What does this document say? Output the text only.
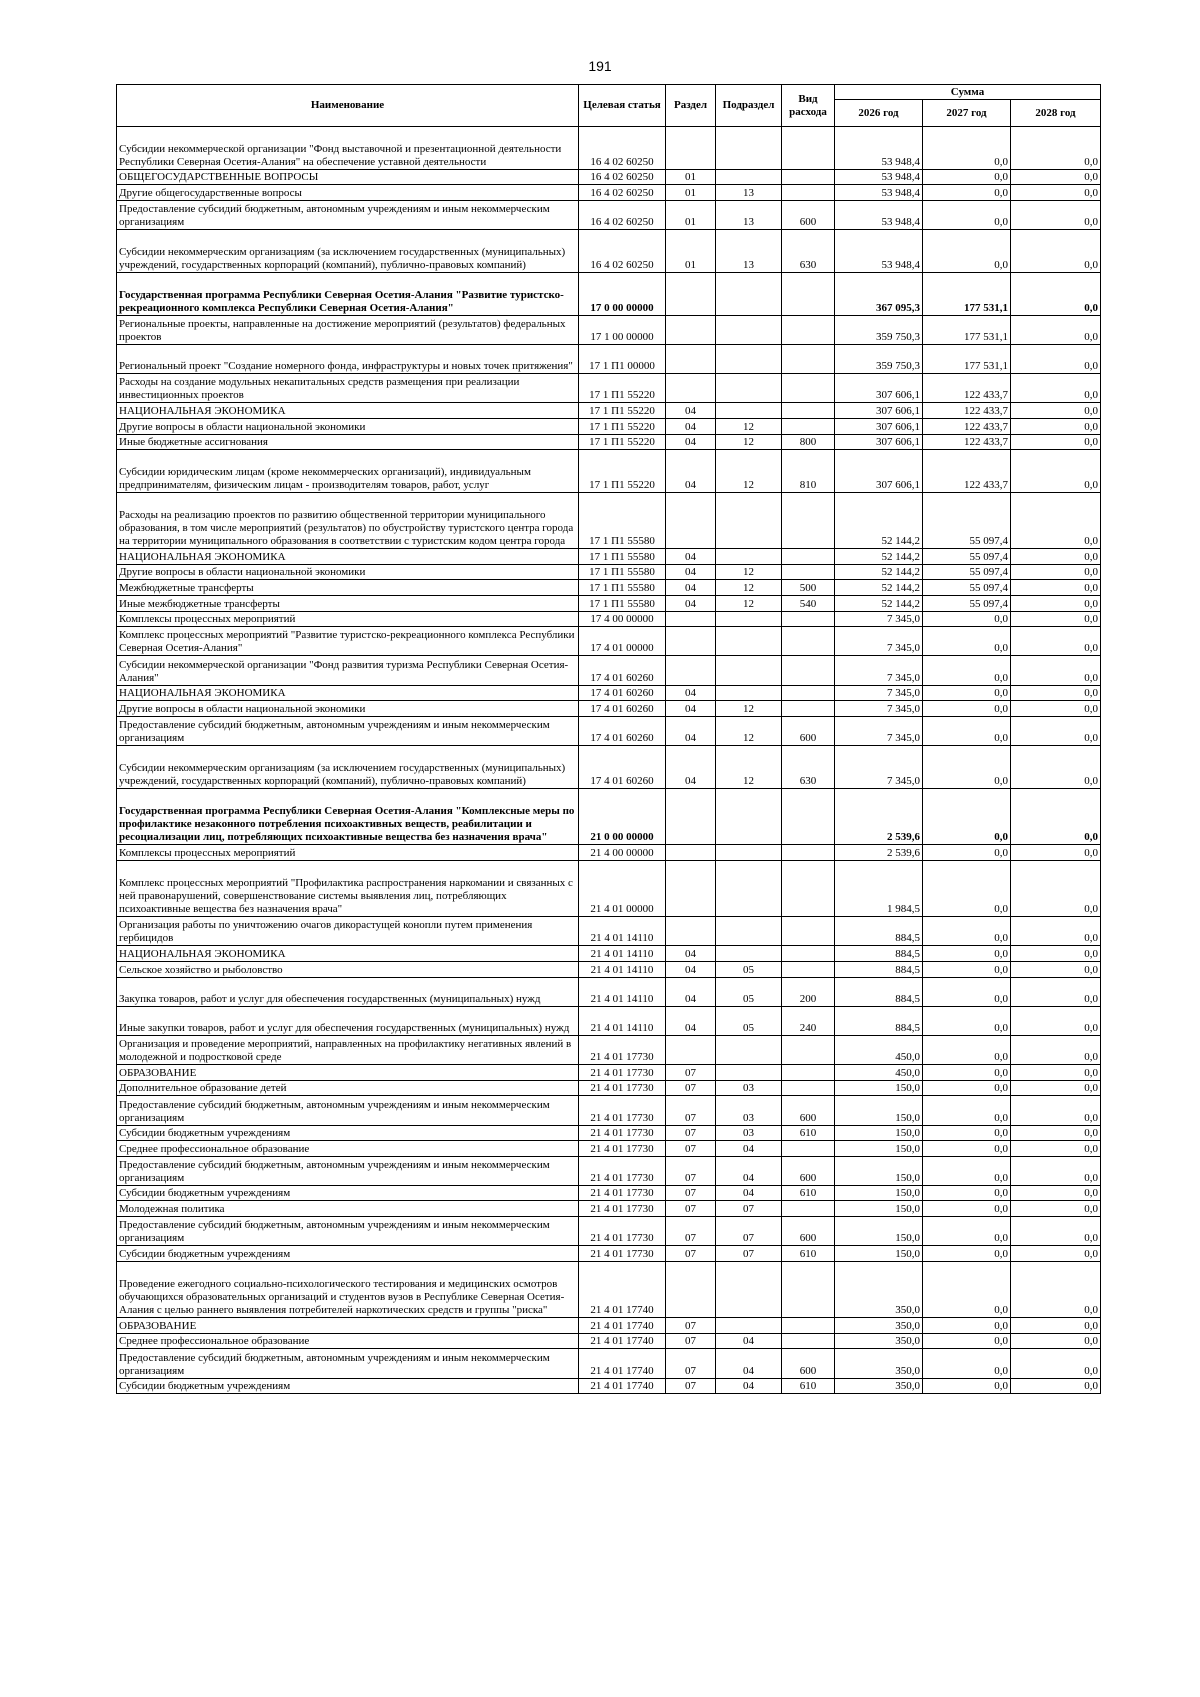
191
Наименование	Целевая статья	Раздел	Подраздел	Вид расхода	Сумма		
					2026 год	2027 год	2028 год
Субсидии некоммерческой организации "Фонд выставочной и презентационной деятельности Республики Северная Осетия-Алания" на обеспечение уставной деятельности	16 4 02 60250				53 948,4	0,0	0,0
ОБЩЕГОСУДАРСТВЕННЫЕ ВОПРОСЫ	16 4 02 60250	01			53 948,4	0,0	0,0
Другие общегосударственные вопросы	16 4 02 60250	01	13		53 948,4	0,0	0,0
Предоставление субсидий бюджетным, автономным учреждениям и иным некоммерческим организациям	16 4 02 60250	01	13	600	53 948,4	0,0	0,0
Субсидии некоммерческим организациям (за исключением государственных (муниципальных) учреждений, государственных корпораций (компаний), публично-правовых компаний)	16 4 02 60250	01	13	630	53 948,4	0,0	0,0
Государственная программа Республики Северная Осетия-Алания "Развитие туристско-рекреационного комплекса Республики Северная Осетия-Алания"	17 0 00 00000				367 095,3	177 531,1	0,0
Региональные проекты, направленные на достижение мероприятий (результатов) федеральных проектов	17 1 00 00000				359 750,3	177 531,1	0,0
Региональный проект "Создание номерного фонда, инфраструктуры и новых точек притяжения"	17 1 П1 00000				359 750,3	177 531,1	0,0
Расходы на создание модульных некапитальных средств размещения при реализации инвестиционных проектов	17 1 П1 55220				307 606,1	122 433,7	0,0
НАЦИОНАЛЬНАЯ ЭКОНОМИКА	17 1 П1 55220	04			307 606,1	122 433,7	0,0
Другие вопросы в области национальной экономики	17 1 П1 55220	04	12		307 606,1	122 433,7	0,0
Иные бюджетные ассигнования	17 1 П1 55220	04	12	800	307 606,1	122 433,7	0,0
Субсидии юридическим лицам (кроме некоммерческих организаций), индивидуальным предпринимателям, физическим лицам - производителям товаров, работ, услуг	17 1 П1 55220	04	12	810	307 606,1	122 433,7	0,0
Расходы на реализацию проектов по развитию общественной территории муниципального образования, в том числе мероприятий (результатов) по обустройству туристского центра города на территории муниципального образования в соответствии с туристским кодом центра города	17 1 П1 55580				52 144,2	55 097,4	0,0
НАЦИОНАЛЬНАЯ ЭКОНОМИКА	17 1 П1 55580	04			52 144,2	55 097,4	0,0
Другие вопросы в области национальной экономики	17 1 П1 55580	04	12		52 144,2	55 097,4	0,0
Межбюджетные трансферты	17 1 П1 55580	04	12	500	52 144,2	55 097,4	0,0
Иные межбюджетные трансферты	17 1 П1 55580	04	12	540	52 144,2	55 097,4	0,0
Комплексы процессных мероприятий	17 4 00 00000				7 345,0	0,0	0,0
Комплекс процессных мероприятий "Развитие туристско-рекреационного комплекса Республики Северная Осетия-Алания"	17 4 01 00000				7 345,0	0,0	0,0
Субсидии некоммерческой организации "Фонд развития туризма Республики Северная Осетия-Алания"	17 4 01 60260				7 345,0	0,0	0,0
НАЦИОНАЛЬНАЯ ЭКОНОМИКА	17 4 01 60260	04			7 345,0	0,0	0,0
Другие вопросы в области национальной экономики	17 4 01 60260	04	12		7 345,0	0,0	0,0
Предоставление субсидий бюджетным, автономным учреждениям и иным некоммерческим организациям	17 4 01 60260	04	12	600	7 345,0	0,0	0,0
Субсидии некоммерческим организациям (за исключением государственных (муниципальных) учреждений, государственных корпораций (компаний), публично-правовых компаний)	17 4 01 60260	04	12	630	7 345,0	0,0	0,0
Государственная программа Республики Северная Осетия-Алания "Комплексные меры по профилактике незаконного потребления психоактивных веществ, реабилитации и ресоциализации лиц, потребляющих психоактивные вещества без назначения врача"	21 0 00 00000				2 539,6	0,0	0,0
Комплексы процессных мероприятий	21 4 00 00000				2 539,6	0,0	0,0
Комплекс процессных мероприятий "Профилактика распространения наркомании и связанных с ней правонарушений, совершенствование системы выявления лиц, потребляющих психоактивные вещества без назначения врача"	21 4 01 00000				1 984,5	0,0	0,0
Организация работы по уничтожению очагов дикорастущей конопли путем применения гербицидов	21 4 01 14110				884,5	0,0	0,0
НАЦИОНАЛЬНАЯ ЭКОНОМИКА	21 4 01 14110	04			884,5	0,0	0,0
Сельское хозяйство и рыболовство	21 4 01 14110	04	05		884,5	0,0	0,0
Закупка товаров, работ и услуг для обеспечения государственных (муниципальных) нужд	21 4 01 14110	04	05	200	884,5	0,0	0,0
Иные закупки товаров, работ и услуг для обеспечения государственных (муниципальных) нужд	21 4 01 14110	04	05	240	884,5	0,0	0,0
Организация и проведение мероприятий, направленных на профилактику негативных явлений в молодежной и подростковой среде	21 4 01 17730				450,0	0,0	0,0
ОБРАЗОВАНИЕ	21 4 01 17730	07			450,0	0,0	0,0
Дополнительное образование детей	21 4 01 17730	07	03		150,0	0,0	0,0
Предоставление субсидий бюджетным, автономным учреждениям и иным некоммерческим организациям	21 4 01 17730	07	03	600	150,0	0,0	0,0
Субсидии бюджетным учреждениям	21 4 01 17730	07	03	610	150,0	0,0	0,0
Среднее профессиональное образование	21 4 01 17730	07	04		150,0	0,0	0,0
Предоставление субсидий бюджетным, автономным учреждениям и иным некоммерческим организациям	21 4 01 17730	07	04	600	150,0	0,0	0,0
Субсидии бюджетным учреждениям	21 4 01 17730	07	04	610	150,0	0,0	0,0
Молодежная политика	21 4 01 17730	07	07		150,0	0,0	0,0
Предоставление субсидий бюджетным, автономным учреждениям и иным некоммерческим организациям	21 4 01 17730	07	07	600	150,0	0,0	0,0
Субсидии бюджетным учреждениям	21 4 01 17730	07	07	610	150,0	0,0	0,0
Проведение ежегодного социально-психологического тестирования и медицинских осмотров обучающихся образовательных организаций и студентов вузов в Республике Северная Осетия-Алания с целью раннего выявления потребителей наркотических средств и группы "риска"	21 4 01 17740				350,0	0,0	0,0
ОБРАЗОВАНИЕ	21 4 01 17740	07			350,0	0,0	0,0
Среднее профессиональное образование	21 4 01 17740	07	04		350,0	0,0	0,0
Предоставление субсидий бюджетным, автономным учреждениям и иным некоммерческим организациям	21 4 01 17740	07	04	600	350,0	0,0	0,0
Субсидии бюджетным учреждениям	21 4 01 17740	07	04	610	350,0	0,0	0,0
